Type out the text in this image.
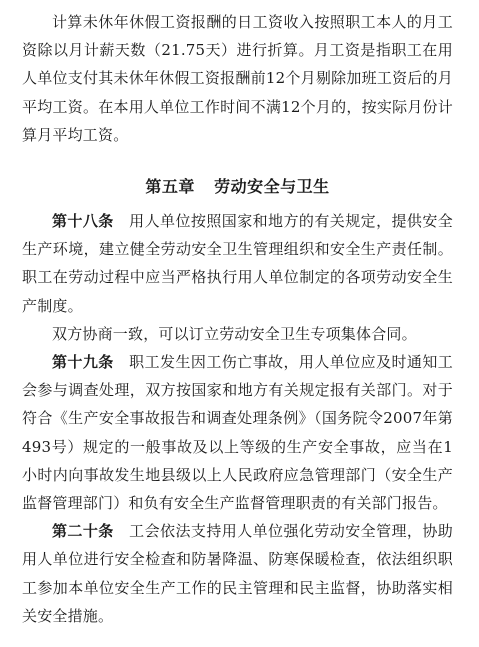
计算未休年休假工资报酬的日工资收入按照职工本人的月工资除以月计薪天数（21.75天）进行折算。月工资是指职工在用人单位支付其未休年休假工资报酬前12个月剔除加班工资后的月平均工资。在本用人单位工作时间不满12个月的，按实际月份计算月平均工资。

第五章 劳动安全与卫生

第十八条　 用人单位按照国家和地方的有关规定，提供安全生产环境，建立健全劳动安全卫生管理组织和安全生产责任制。职工在劳动过程中应当严格执行用人单位制定的各项劳动安全生产制度。

双方协商一致，可以订立劳动安全卫生专项集体合同。

第十九条　 职工发生因工伤亡事故，用人单位应及时通知工会参与调查处理，双方按国家和地方有关规定报有关部门。对于符合《生产安全事故报告和调查处理条例》（国务院令2007年第493号）规定的一般事故及以上等级的生产安全事故，应当在1小时内向事故发生地县级以上人民政府应急管理部门（安全生产监督管理部门）和负有安全生产监督管理职责的有关部门报告。

第二十条　 工会依法支持用人单位强化劳动安全管理，协助用人单位进行安全检查和防暑降温、防寒保暖检查，依法组织职工参加本单位安全生产工作的民主管理和民主监督，协助落实相关安全措施。
